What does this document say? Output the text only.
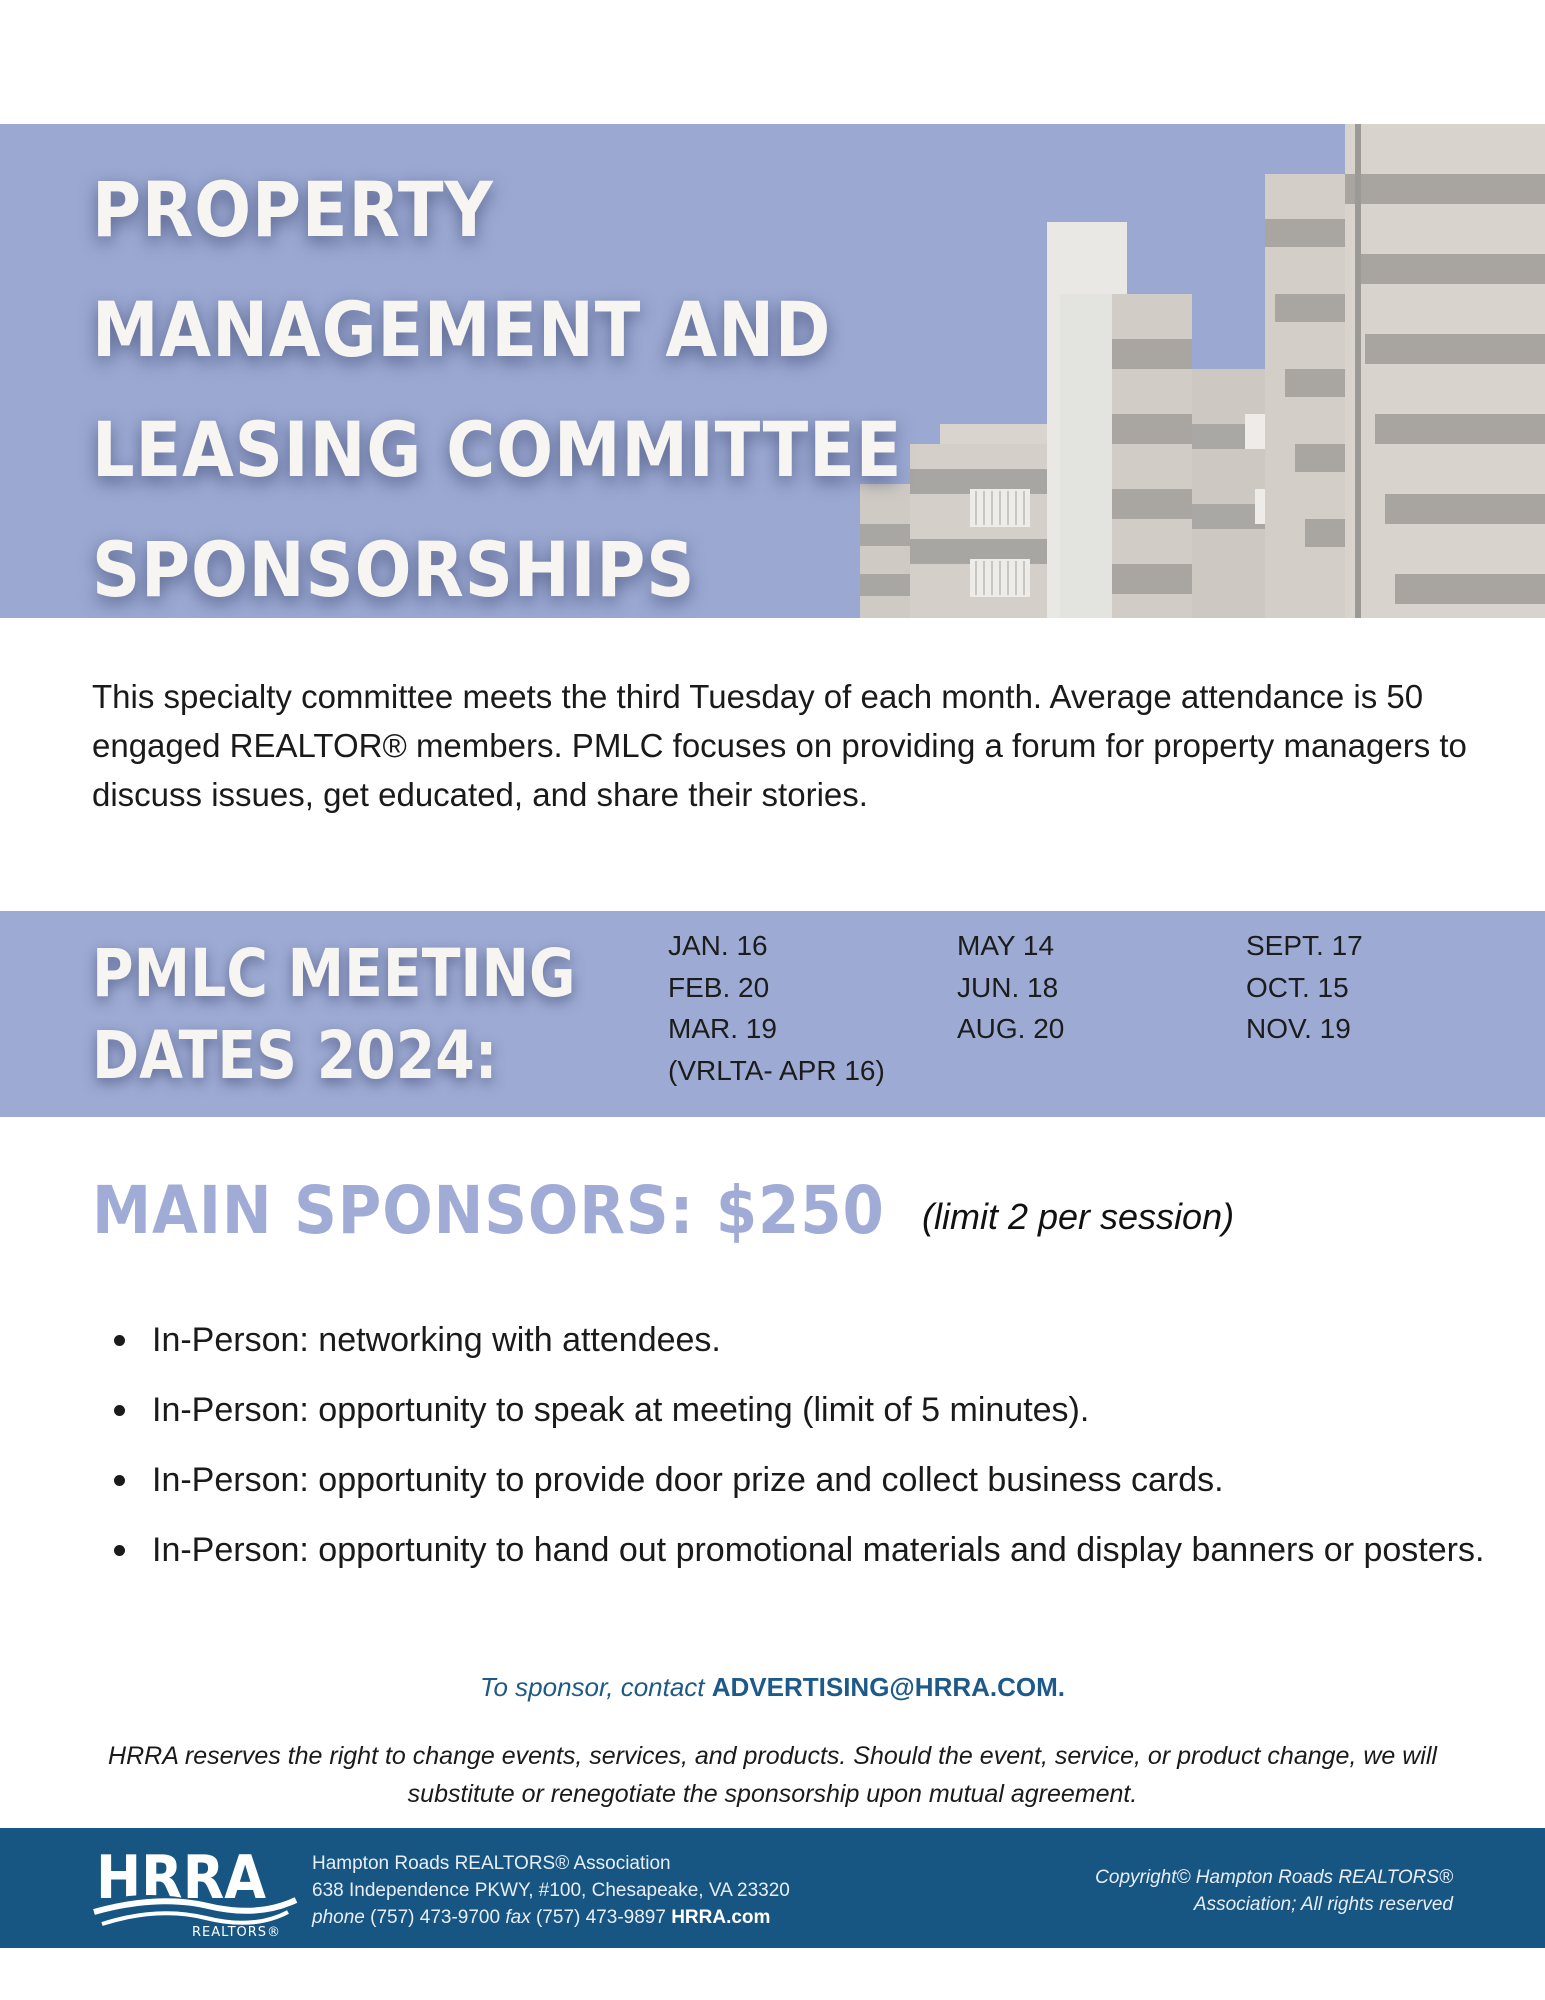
PROPERTY
MANAGEMENT AND
LEASING COMMITTEE
SPONSORSHIPS

This specialty committee meets the third Tuesday of each month. Average attendance is 50 engaged REALTOR® members. PMLC focuses on providing a forum for property managers to discuss issues, get educated, and share their stories.

PMLC MEETING
DATES 2024:
JAN. 16
FEB. 20
MAR. 19
(VRLTA- APR 16)
MAY 14
JUN. 18
AUG. 20
SEPT. 17
OCT. 15
NOV. 19
MAIN SPONSORS: $250 (limit 2 per session)
In-Person: networking with attendees.
In-Person: opportunity to speak at meeting (limit of 5 minutes).
In-Person: opportunity to provide door prize and collect business cards.
In-Person: opportunity to hand out promotional materials and display banners or posters.
To sponsor, contact ADVERTISING@HRRA.COM.

HRRA reserves the right to change events, services, and products. Should the event, service, or product change, we will substitute or renegotiate the sponsorship upon mutual agreement.

HRRA
REALTORS®
Hampton Roads REALTORS® Association
638 Independence PKWY, #100, Chesapeake, VA 23320
phone (757) 473-9700 fax (757) 473-9897 HRRA.com
Copyright© Hampton Roads REALTORS®
Association; All rights reserved
